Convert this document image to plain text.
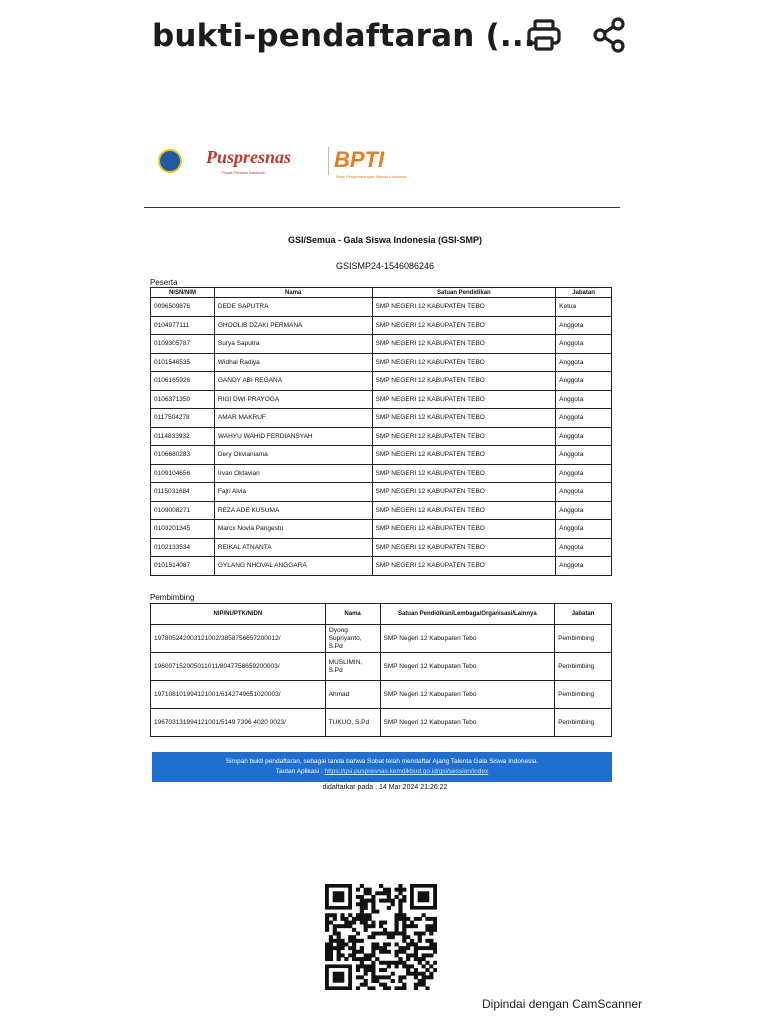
bukti-pendaftaran (...
Puspresnas
Pusat Prestasi Nasional
BPTI
Balai Pengembangan Talenta Indonesia
GSI/Semua - Gala Siswa Indonesia (GSI-SMP)
GSISMP24-1546086246
Peserta
NISN/NIM	Nama	Satuan Pendidikan	Jabatan
0096509876	DEDE SAPUTRA	SMP NEGERI 12 KABUPATEN TEBO	Ketua
0104977111	GHOOLIB DZAKI PERMANA	SMP NEGERI 12 KABUPATEN TEBO	Anggota
0109305787	Surya Saputra	SMP NEGERI 12 KABUPATEN TEBO	Anggota
0101546535	Widhal Radiya	SMP NEGERI 12 KABUPATEN TEBO	Anggota
0106165926	GANDY ABI REGANA	SMP NEGERI 12 KABUPATEN TEBO	Anggota
0106371350	RIGI DWI PRAYOGA	SMP NEGERI 12 KABUPATEN TEBO	Anggota
0117504278	AMAR MAKRUF	SMP NEGERI 12 KABUPATEN TEBO	Anggota
0114833932	WAHYU WAHID FERDIANSYAH	SMP NEGERI 12 KABUPATEN TEBO	Anggota
0106680283	Dery Okvianiama	SMP NEGERI 12 KABUPATEN TEBO	Anggota
0109104656	Irvan Oktavian	SMP NEGERI 12 KABUPATEN TEBO	Anggota
0115031684	Fajri Alvia	SMP NEGERI 12 KABUPATEN TEBO	Anggota
0109008271	REZA ADE KUSUMA	SMP NEGERI 12 KABUPATEN TEBO	Anggota
0103201345	Marcx Novia Pangestu	SMP NEGERI 12 KABUPATEN TEBO	Anggota
0102133534	REIKAL ATNANTA	SMP NEGERI 12 KABUPATEN TEBO	Anggota
0101514087	GYLANG NHOVAL ANGGARA	SMP NEGERI 12 KABUPATEN TEBO	Anggota
Pembimbing
NIP/NUPTK/NIDN	Nama	Satuan Pendidikan/Lembaga/Organisasi/Lainnya	Jabatan
197805242003121002/3858756657200012/	Oyong Supriyanto, S.Pd	SMP Negeri 12 Kabupaten Tebo	Pembimbing
196007152005011011/8047758659200003/	MUSLIMIN, S.Pd	SMP Negeri 12 Kabupaten Tebo	Pembimbing
197108101994121001/6142749651020003/	Ahmad	SMP Negeri 12 Kabupaten Tebo	Pembimbing
196703131994121001/5149 7396 4020 0023/	TUKUO, S.Pd	SMP Negeri 12 Kabupaten Tebo	Pembimbing
Simpan bukti pendaftaran, sebagai tanda bahwa Sobat telah mendaftar Ajang Talenta Gala Siswa Indonesia.
Tautan Aplikasi : https://gsi.puspresnas.kemdikbud.go.id/gsi/session/index
didaftarkar pada : 14 Mar 2024 21:26:22
Dipindai dengan CamScanner
